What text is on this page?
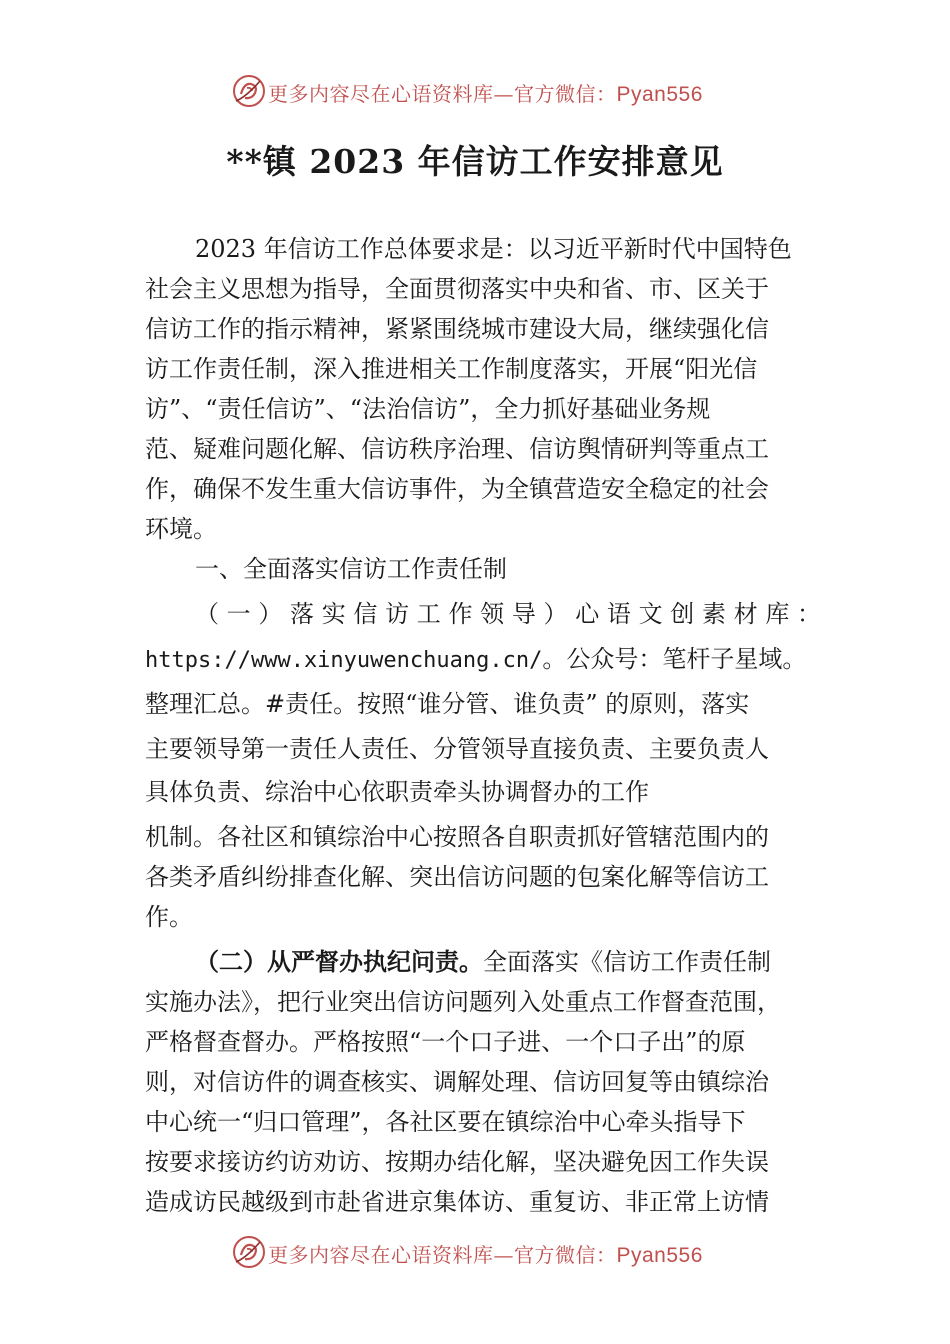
更多内容尽在心语资料库—官方微信：Pyan556
**镇 2023 年信访工作安排意见
2023 年信访工作总体要求是：以习近平新时代中国特色
社会主义思想为指导，全面贯彻落实中央和省、市、区关于
信访工作的指示精神，紧紧围绕城市建设大局，继续强化信
访工作责任制，深入推进相关工作制度落实，开展“阳光信
访”、“责任信访”、“法治信访”，全力抓好基础业务规
范、疑难问题化解、信访秩序治理、信访舆情研判等重点工
作，确保不发生重大信访事件，为全镇营造安全稳定的社会
环境。
一、全面落实信访工作责任制
（一）落实信访工作领导）心语文创素材库：
https://www.xinyuwenchuang.cn/。公众号：笔杆子星域。
整理汇总。#责任。按照“谁分管、谁负责” 的原则，落实
主要领导第一责任人责任、分管领导直接负责、主要负责人
具体负责、综治中心依职责牵头协调督办的工作
机制。各社区和镇综治中心按照各自职责抓好管辖范围内的
各类矛盾纠纷排查化解、突出信访问题的包案化解等信访工
作。
（二）从严督办执纪问责。全面落实《信访工作责任制
实施办法》，把行业突出信访问题列入处重点工作督查范围，
严格督查督办。严格按照“一个口子进、一个口子出”的原
则，对信访件的调查核实、调解处理、信访回复等由镇综治
中心统一“归口管理”，各社区要在镇综治中心牵头指导下
按要求接访约访劝访、按期办结化解，坚决避免因工作失误
造成访民越级到市赴省进京集体访、重复访、非正常上访情
更多内容尽在心语资料库—官方微信：Pyan556
